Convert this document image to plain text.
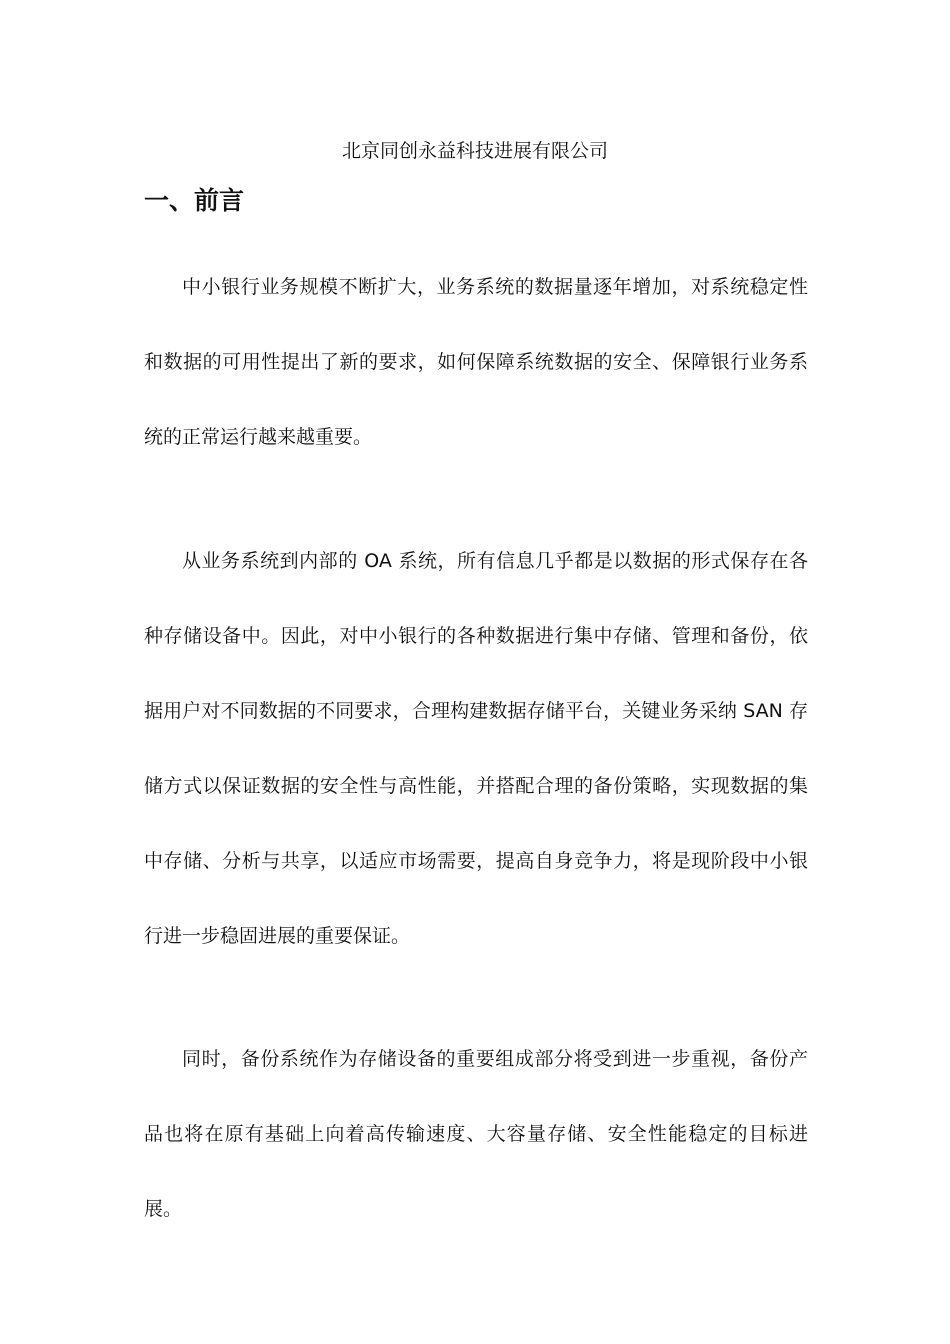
北京同创永益科技进展有限公司

一、前言

中小银行业务规模不断扩大，业务系统的数据量逐年增加，对系统稳定性和数据的可用性提出了新的要求，如何保障系统数据的安全、保障银行业务系统的正常运行越来越重要。

从业务系统到内部的 OA 系统，所有信息几乎都是以数据的形式保存在各种存储设备中。因此，对中小银行的各种数据进行集中存储、管理和备份，依据用户对不同数据的不同要求，合理构建数据存储平台，关键业务采纳 SAN 存储方式以保证数据的安全性与高性能，并搭配合理的备份策略，实现数据的集中存储、分析与共享，以适应市场需要，提高自身竞争力，将是现阶段中小银行进一步稳固进展的重要保证。

同时，备份系统作为存储设备的重要组成部分将受到进一步重视，备份产品也将在原有基础上向着高传输速度、大容量存储、安全性能稳定的目标进展。
